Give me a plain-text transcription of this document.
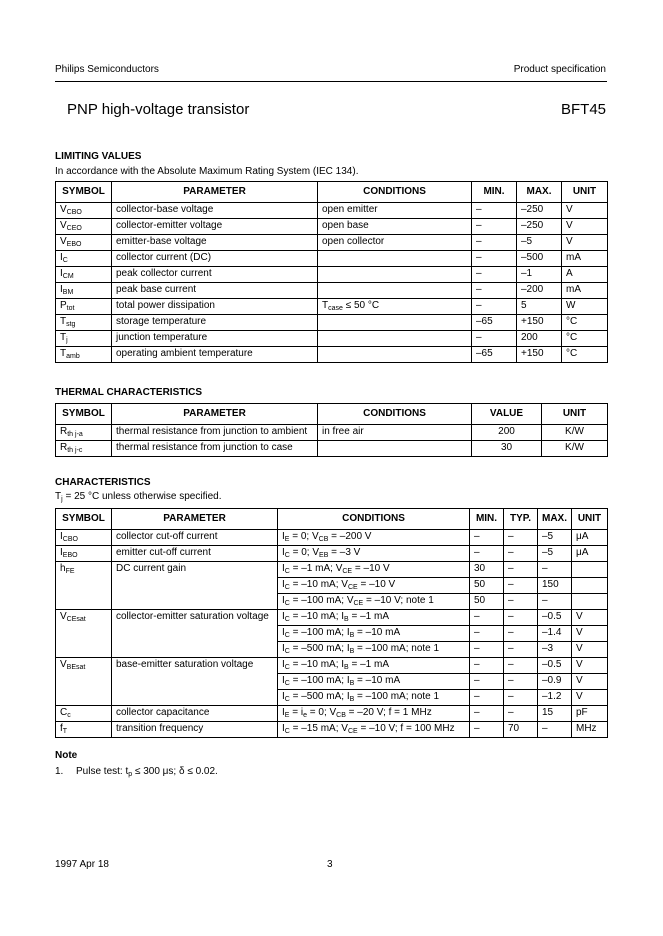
Philips Semiconductors	Product specification
PNP high-voltage transistor	BFT45
LIMITING VALUES
In accordance with the Absolute Maximum Rating System (IEC 134).
SYMBOL	PARAMETER	CONDITIONS	MIN.	MAX.	UNIT
$V_{CBO}$	collector-base voltage	open emitter	–	–250	V
$V_{CEO}$	collector-emitter voltage	open base	–	–250	V
$V_{EBO}$	emitter-base voltage	open collector	–	–5	V
$I_C$	collector current (DC)		–	–500	mA
$I_{CM}$	peak collector current		–	–1	A
$I_{BM}$	peak base current		–	–200	mA
$P_{tot}$	total power dissipation	$T_{case} \le 50$ °C	–	5	W
$T_{stg}$	storage temperature		–65	+150	°C
$T_j$	junction temperature		–	200	°C
$T_{amb}$	operating ambient temperature		–65	+150	°C
THERMAL CHARACTERISTICS
SYMBOL	PARAMETER	CONDITIONS	VALUE	UNIT
$R_{th j-a}$	thermal resistance from junction to ambient	in free air	200	K/W
$R_{th j-c}$	thermal resistance from junction to case		30	K/W
CHARACTERISTICS
$T_j = 25$ °C unless otherwise specified.
SYMBOL	PARAMETER	CONDITIONS	MIN.	TYP.	MAX.	UNIT
$I_{CBO}$	collector cut-off current	$I_E = 0$; $V_{CB} = -200$ V	–	–	–5	μA
$I_{EBO}$	emitter cut-off current	$I_C = 0$; $V_{EB} = -3$ V	–	–	–5	μA
$h_{FE}$	DC current gain	$I_C = -1$ mA; $V_{CE} = -10$ V	30	–	–	
		$I_C = -10$ mA; $V_{CE} = -10$ V	50	–	150	
		$I_C = -100$ mA; $V_{CE} = -10$ V; note 1	50	–	–	
$V_{CEsat}$	collector-emitter saturation voltage	$I_C = -10$ mA; $I_B = -1$ mA	–	–	–0.5	V
		$I_C = -100$ mA; $I_B = -10$ mA	–	–	–1.4	V
		$I_C = -500$ mA; $I_B = -100$ mA; note 1	–	–	–3	V
$V_{BEsat}$	base-emitter saturation voltage	$I_C = -10$ mA; $I_B = -1$ mA	–	–	–0.5	V
		$I_C = -100$ mA; $I_B = -10$ mA	–	–	–0.9	V
		$I_C = -500$ mA; $I_B = -100$ mA; note 1	–	–	–1.2	V
$C_c$	collector capacitance	$I_E = i_e = 0$; $V_{CB} = -20$ V; f = 1 MHz	–	–	15	pF
$f_T$	transition frequency	$I_C = -15$ mA; $V_{CE} = -10$ V; f = 100 MHz	–	70	–	MHz
Note
1. Pulse test: $t_p \le 300$ μs; δ ≤ 0.02.
1997 Apr 18	3
